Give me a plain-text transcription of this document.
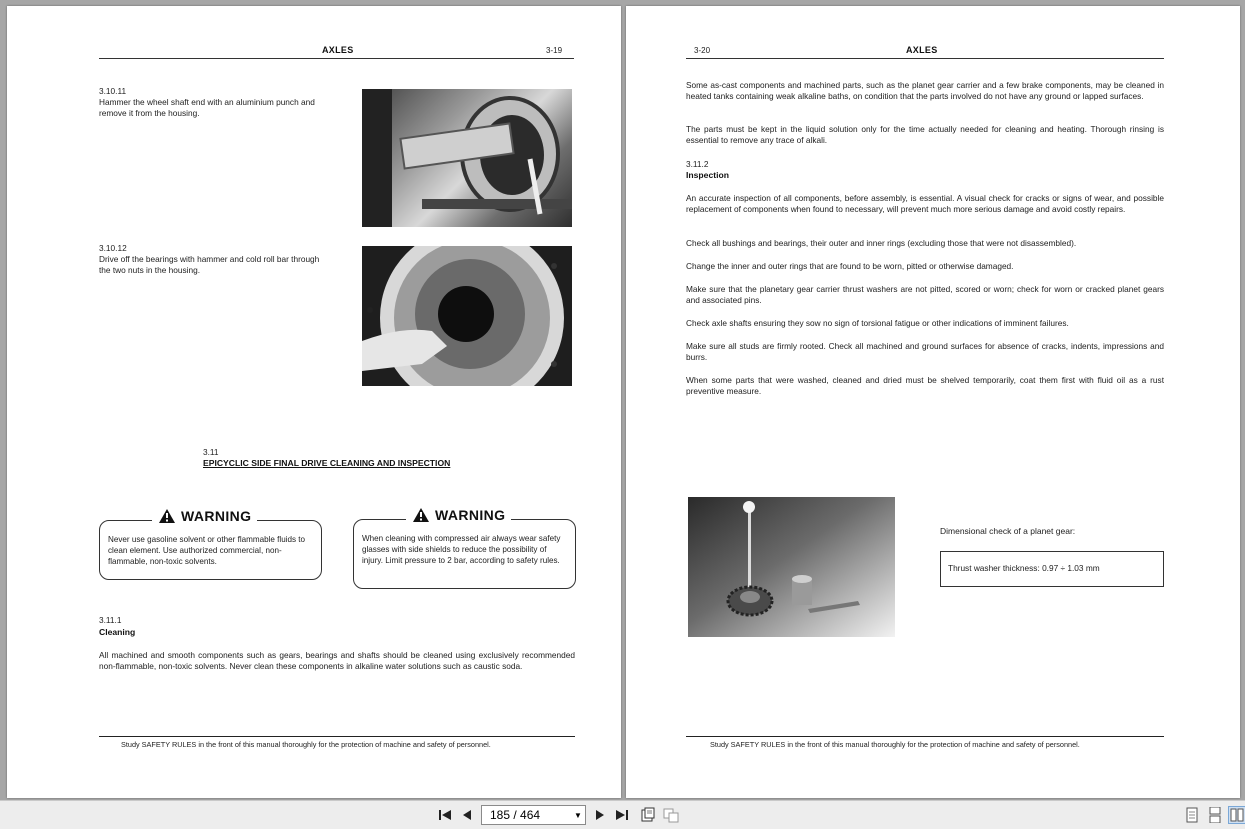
AXLES	3-19
3.10.11
Hammer the wheel shaft end with an aluminium punch and remove it from the housing.
3.10.12
Drive off the bearings with hammer and cold roll bar through the two nuts in the housing.
3.11
EPICYCLIC SIDE FINAL DRIVE CLEANING AND INSPECTION
Never use gasoline solvent or other flammable fluids to clean element. Use authorized commercial, non-flammable, non-toxic solvents.
WARNING
When cleaning with compressed air always wear safety glasses with side shields to reduce the possibility of injury. Limit pressure to 2 bar, according to safety rules.
WARNING
3.11.1
Cleaning
All machined and smooth components such as gears, bearings and shafts should be cleaned using exclusively recommended non-flammable, non-toxic solvents. Never clean these components in alkaline water solutions such as caustic soda.
Study SAFETY RULES in the front of this manual thoroughly for the protection of machine and safety of personnel.
3-20	AXLES
Some as-cast components and machined parts, such as the planet gear carrier and a few brake components, may be cleaned in heated tanks containing weak alkaline baths, on condition that the parts involved do not have any ground or lapped surfaces.
The parts must be kept in the liquid solution only for the time actually needed for cleaning and heating. Thorough rinsing is essential to remove any trace of alkali.
3.11.2
Inspection
An accurate inspection of all components, before assembly, is essential. A visual check for cracks or signs of wear, and possible replacement of components when found to necessary, will prevent much more serious damage and avoid costly repairs.
Check all bushings and bearings, their outer and inner rings (excluding those that were not disassembled).
Change the inner and outer rings that are found to be worn, pitted or otherwise damaged.
Make sure that the planetary gear carrier thrust washers are not pitted, scored or worn; check for worn or cracked planet gears and associated pins.
Check axle shafts ensuring they sow no sign of torsional fatigue or other indications of imminent failures.
Make sure all studs are firmly rooted. Check all machined and ground surfaces for absence of cracks, indents, impressions and burrs.
When some parts that were washed, cleaned and dried must be shelved temporarily, coat them first with fluid oil as a rust preventive measure.
Dimensional check of a planet gear:
Thrust washer thickness: 0.97 ÷ 1.03 mm
Study SAFETY RULES in the front of this manual thoroughly for the protection of machine and safety of personnel.
185 / 464	▼
